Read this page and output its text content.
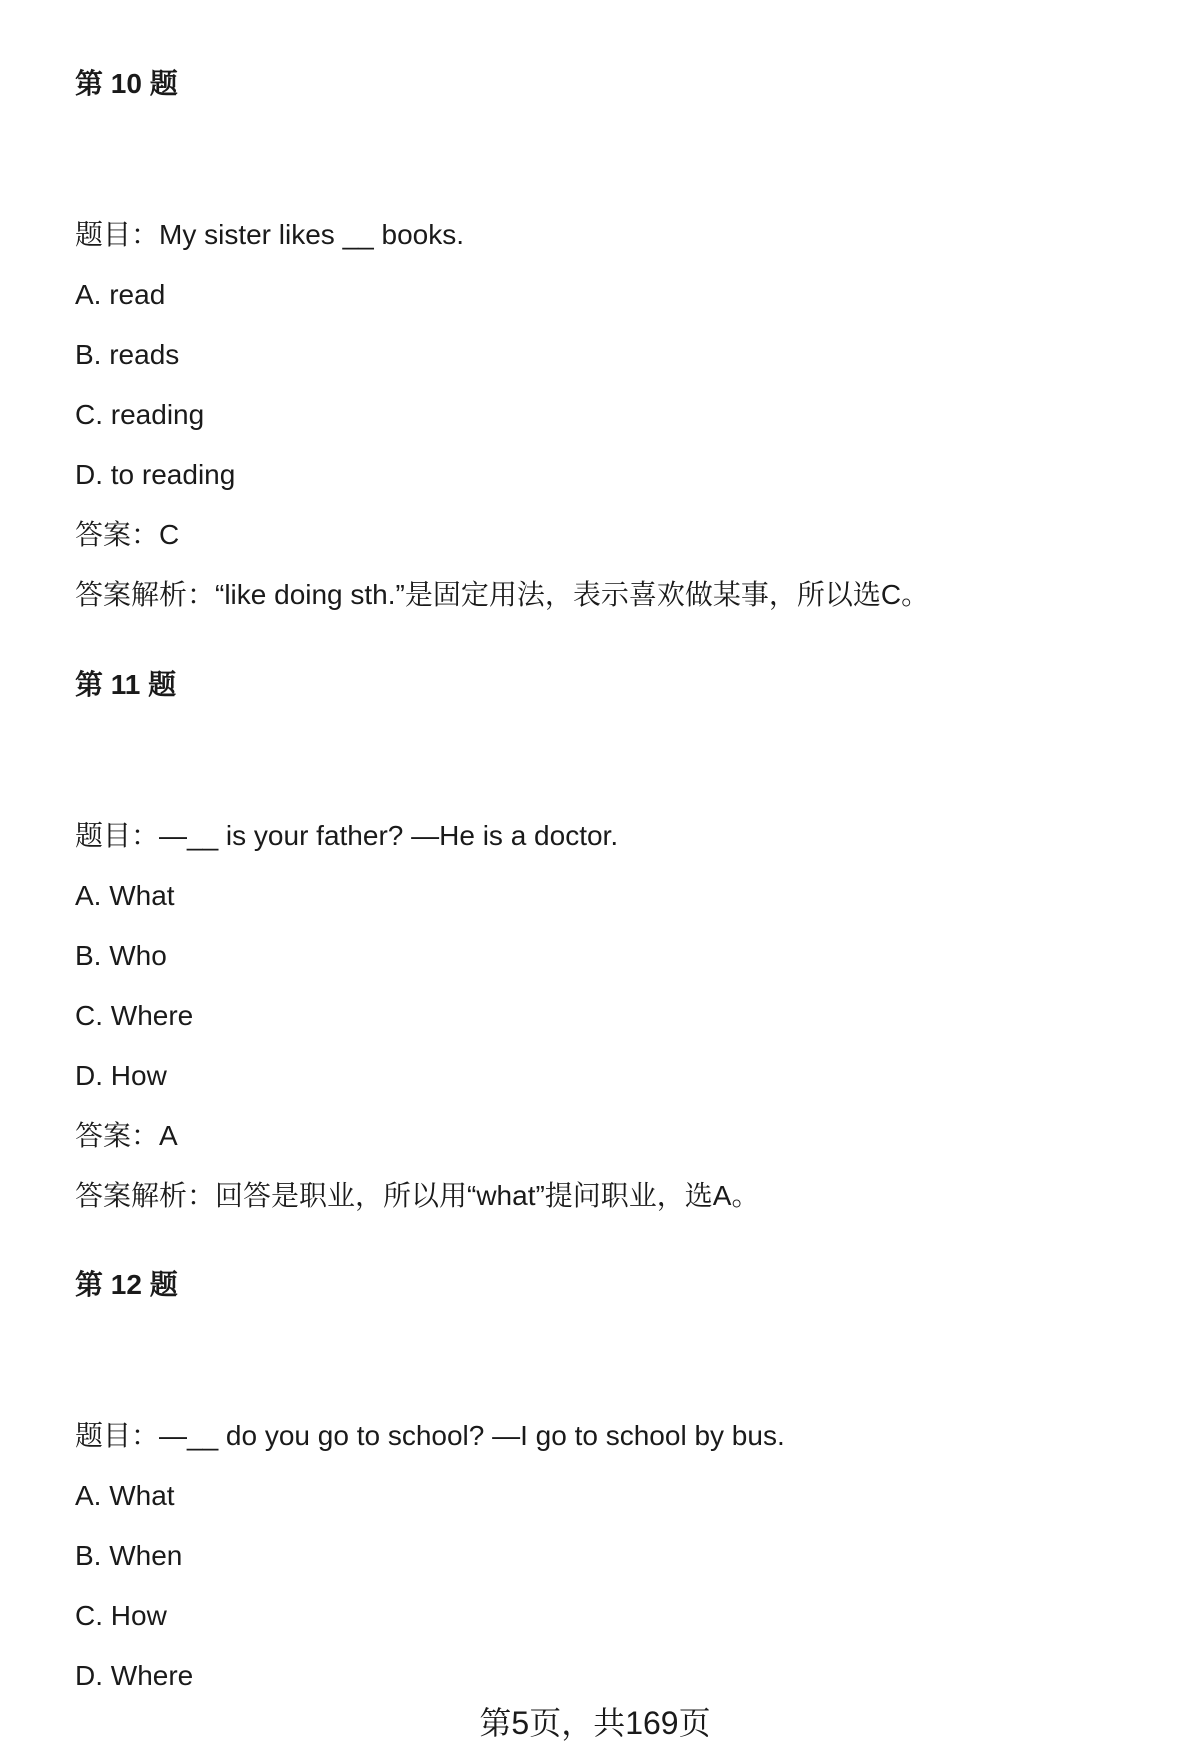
第 10 题
题目：My sister likes __ books.
A. read
B. reads
C. reading
D. to reading
答案：C
答案解析：“like doing sth.”是固定用法，表示喜欢做某事，所以选C。
第 11 题
题目：—__ is your father? —He is a doctor.
A. What
B. Who
C. Where
D. How
答案：A
答案解析：回答是职业，所以用“what”提问职业，选A。
第 12 题
题目：—__ do you go to school? —I go to school by bus.
A. What
B. When
C. How
D. Where
第5页，共169页
